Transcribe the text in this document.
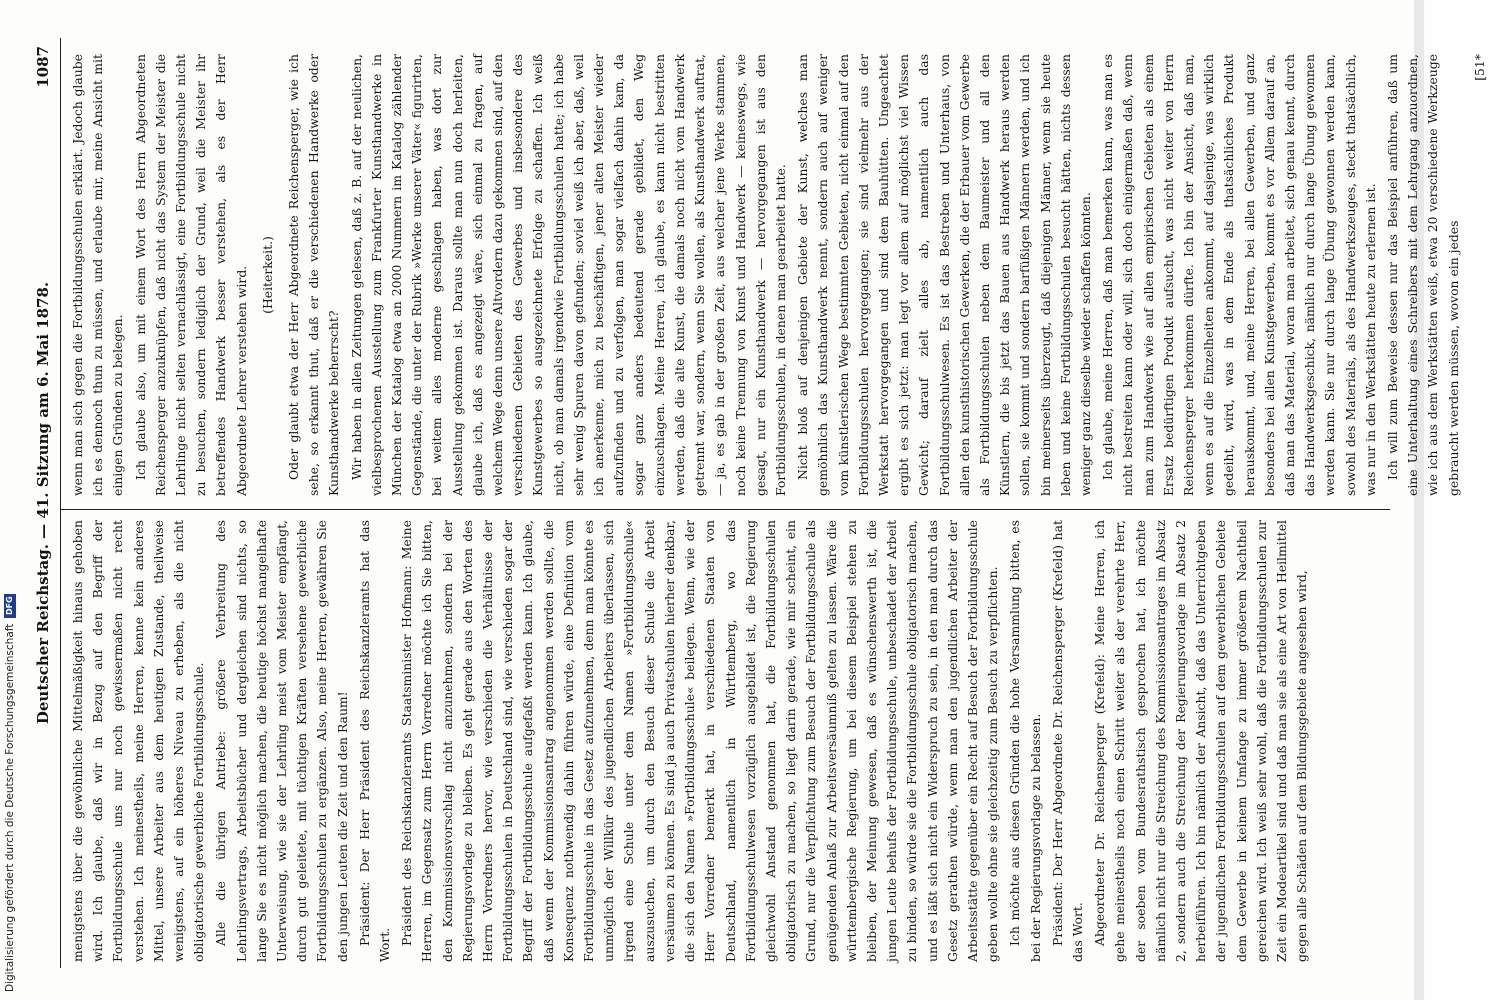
Deutscher Reichstag. — 41. Sitzung am 6. Mai 1878.
1087

menigstens über die gewöhnliche Mittelmäßigkeit hinaus gehoben wird. Ich glaube, daß wir in Bezug auf den Begriff der Fortbildungsschule uns nur noch gewissermaßen nicht recht verstehen. Ich meinestheils, meine Herren, kenne kein anderes Mittel, unsere Arbeiter aus dem heutigen Zustande, theilweise wenigstens, auf ein höheres Niveau zu erheben, als die nicht obligatorische gewerbliche Fortbildungsschule. Alle die übrigen Antriebe: größere Verbreitung des Lehrlingsvertrags, Arbeitsbücher und dergleichen sind nichts, so lange Sie es nicht möglich machen, die heutige höchst mangelhafte Unterweisung, wie sie der Lehrling meist vom Meister empfängt, durch gut geleitete, mit tüchtigen Kräften versehene gewerbliche Fortbildungsschulen zu ergänzen. Also, meine Herren, gewähren Sie den jungen Leuten die Zeit und den Raum! Präsident: Der Herr Präsident des Reichskanzleramts hat das Wort. Präsident des Reichskanzleramts Staatsminister Hofmann: Meine Herren, im Gegensatz zum Herrn Vorredner möchte ich Sie bitten, den Kommissionsvorschlag nicht anzunehmen, sondern bei der Regierungsvorlage zu bleiben. Es geht gerade aus den Worten des Herrn Vorredners hervor, wie verschieden die Verhältnisse der Fortbildungsschulen in Deutschland sind, wie verschieden sogar der Begriff der Fortbildungsschule aufgefaßt werden kann. Ich glaube, daß wenn der Kommissionsantrag angenommen werden sollte, die Konsequenz nothwendig dahin führen würde, eine Definition vom Fortbildungsschule in das Gesetz aufzunehmen, denn man könnte es unmöglich der Willkür des jugendlichen Arbeiters überlassen, sich irgend eine Schule unter dem Namen »Fortbildungsschule« auszusuchen, um durch den Besuch dieser Schule die Arbeit versäumen zu können. Es sind ja auch Privatschulen hierher denkbar, die sich den Namen »Fortbildungsschule« beilegen. Wenn, wie der Herr Vorredner bemerkt hat, in verschiedenen Staaten von Deutschland, namentlich in Württemberg, wo das Fortbildungsschulwesen vorzüglich ausgebildet ist, die Regierung gleichwohl Anstand genommen hat, die Fortbildungsschulen obligatorisch zu machen, so liegt darin gerade, wie mir scheint, ein Grund, nur die Verpflichtung zum Besuch der Fortbildungsschule als genügenden Anlaß zur Arbeitsversäumniß gelten zu lassen. Wäre die württembergische Regierung, um bei diesem Beispiel stehen zu bleiben, der Meinung gewesen, daß es wünschenswerth ist, die jungen Leute behufs der Fortbildungsschule, unbeschadet der Arbeit zu binden, so würde sie die Fortbildungsschule obligatorisch machen, und es läßt sich nicht ein Widerspruch zu sein, in den man durch das Gesetz gerathen würde, wenn man den jugendlichen Arbeiter der Arbeitsstätte gegenüber ein Recht auf Besuch der Fortbildungsschule geben wollte ohne sie gleichzeitig zum Besuch zu verpflichten. Ich möchte aus diesen Gründen die hohe Versammlung bitten, es bei der Regierungsvorlage zu belassen. Präsident: Der Herr Abgeordnete Dr. Reichensperger (Krefeld) hat das Wort. Abgeordneter Dr. Reichensperger (Krefeld): Meine Herren, ich gehe meinestheils noch einen Schritt weiter als der verehrte Herr, der soeben vom Bundesrathstisch gesprochen hat, ich möchte nämlich nicht nur die Streichung des Kommissionsantrages im Absatz 2, sondern auch die Streichung der Regierungsvorlage im Absatz 2 herbeiführen. Ich bin nämlich der Ansicht, daß das Unterrichtgeben der jugendlichen Fortbildungsschulen auf dem gewerblichen Gebiete dem Gewerbe in keinem Umfange zu immer größerem Nachtheil gereichen wird. Ich weiß sehr wohl, daß die Fortbildungsschulen zur Zeit ein Modeartikel sind und daß man sie als eine Art von Heilmittel gegen alle Schäden auf dem Bildungsgebiete angesehen wird,

wenn man sich gegen die Fortbildungsschulen erklärt. Jedoch glaube ich es dennoch thun zu müssen, und erlaube mir, meine Ansicht mit einigen Gründen zu belegen. Ich glaube also, um mit einem Wort des Herrn Abgeordneten Reichensperger anzuknüpfen, daß nicht das System der Meister die Lehrlinge nicht selten vernachlässigt, eine Fortbildungsschule nicht zu besuchen, sondern lediglich der Grund, weil die Meister ihr betreffendes Handwerk besser verstehen, als es der Herr Abgeordnete Lehrer verstehen wird. (Heiterkeit.) Oder glaubt etwa der Herr Abgeordnete Reichensperger, wie ich sehe, so erkannt thut, daß er die verschiedenen Handwerke oder Kunsthandwerke beherrscht? Wir haben in allen Zeitungen gelesen, daß z. B. auf der neulichen, vielbesprochenen Ausstellung zum Frankfurter Kunsthandwerke in München der Katalog etwa an 2000 Nummern im Katalog zählender Gegenstände, die unter der Rubrik »Werke unserer Väter« figurirten, bei weitem alles moderne geschlagen haben, was dort zur Ausstellung gekommen ist. Daraus sollte man nun doch herleiten, glaube ich, daß es angezeigt wäre, sich einmal zu fragen, auf welchem Wege denn unsere Altvordern dazu gekommen sind, auf den verschiedenen Gebieten des Gewerbes und insbesondere des Kunstgewerbes so ausgezeichnete Erfolge zu schaffen. Ich weiß nicht, ob man damals irgendwie Fortbildungsschulen hatte; ich habe sehr wenig Spuren davon gefunden; soviel weiß ich aber, daß, weil ich anerkenne, mich zu beschäftigen, jener alten Meister wieder aufzufinden und zu verfolgen, man sogar vielfach dahin kam, da sogar ganz anders bedeutend gerade gebildet, den Weg einzuschlagen. Meine Herren, ich glaube, es kann nicht bestritten werden, daß die alte Kunst, die damals noch nicht vom Handwerk getrennt war, sondern, wenn Sie wollen, als Kunsthandwerk auftrat, — ja, es gab in der großen Zeit, aus welcher jene Werke stammen, noch keine Trennung von Kunst und Handwerk — keineswegs, wie gesagt, nur ein Kunsthandwerk — hervorgegangen ist aus den Fortbildungsschulen, in denen man gearbeitet hatte. Nicht bloß auf denjenigen Gebiete der Kunst, welches man gemöhnlich das Kunsthandwerk nennt, sondern auch auf weniger vom künstlerischen Wege bestimmten Gebieten, nicht einmal auf den Fortbildungsschulen hervorgegangen; sie sind vielmehr aus der Werkstatt hervorgegangen und sind dem Bauhütten. Ungeachtet ergibt es sich jetzt: man legt vor allem auf möglichst viel Wissen Gewicht; darauf zielt alles ab, namentlich auch das Fortbildungsschulwesen. Es ist das Bestreben und Unterhaus, von allen den kunsthistorischen Gewerken, die der Erbauer vom Gewerbe als Fortbildungsschulen neben dem Baumeister und all den Künstlern, die bis jetzt das Bauen aus Handwerk heraus werden sollen, sie kommt und sondern barfüßigen Männern werden, und ich bin meinerseits überzeugt, daß diejenigen Männer, wenn sie heute leben und keine Fortbildungsschulen besucht hätten, nichts dessen weniger ganz dieselbe wieder schaffen könnten. Ich glaube, meine Herren, daß man bemerken kann, was man es nicht bestreiten kann oder will, sich doch einigermaßen daß, wenn man zum Handwerk wie auf allen empirischen Gebieten als einem Ersatz bedürftigen Produkt aufsucht, was nicht weiter von Herrn Reichensperger herkommen dürfte. Ich bin der Ansicht, daß man, wenn es auf die Einzelheiten ankommt, auf dasjenige, was wirklich gedeiht, wird, was in dem Ende als thatsächliches Produkt herauskommt, und, meine Herren, bei allen Gewerben, und ganz besonders bei allen Kunstgewerben, kommt es vor Allem darauf an, daß man das Material, woran man arbeitet, sich genau kennt, durch das Handwerksgeschick, nämlich nur durch lange Übung gewonnen werden kann. Sie nur durch lange Übung gewonnen werden kann, sowohl des Materials, als des Handwerkszeuges, steckt thatsächlich, was nur in den Werkstätten heute zu erlernen ist. Ich will zum Beweise dessen nur das Beispiel anführen, daß um eine Unterhaltung eines Schreibers mit dem Lehrgang anzuordnen, wie ich aus dem Werkstätten weiß, etwa 20 verschiedene Werkzeuge gebraucht werden müssen, wovon ein jedes

[51*

Digitalisierung gefördert durch die Deutsche Forschungsgemeinschaft
DFG
